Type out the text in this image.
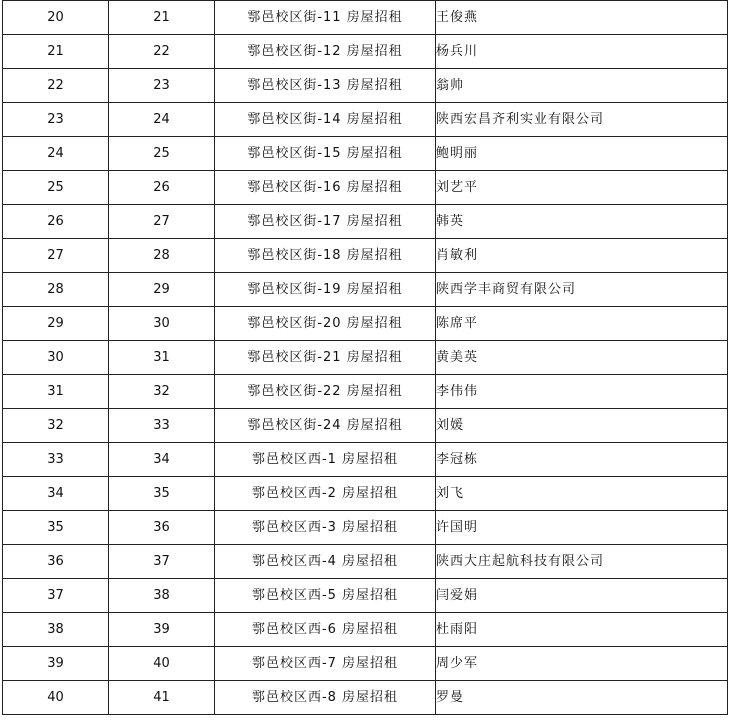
20	21	鄠邑校区街-11 房屋招租	王俊燕
21	22	鄠邑校区街-12 房屋招租	杨兵川
22	23	鄠邑校区街-13 房屋招租	翁帅
23	24	鄠邑校区街-14 房屋招租	陕西宏昌齐利实业有限公司
24	25	鄠邑校区街-15 房屋招租	鲍明丽
25	26	鄠邑校区街-16 房屋招租	刘艺平
26	27	鄠邑校区街-17 房屋招租	韩英
27	28	鄠邑校区街-18 房屋招租	肖敏利
28	29	鄠邑校区街-19 房屋招租	陕西学丰商贸有限公司
29	30	鄠邑校区街-20 房屋招租	陈席平
30	31	鄠邑校区街-21 房屋招租	黄美英
31	32	鄠邑校区街-22 房屋招租	李伟伟
32	33	鄠邑校区街-24 房屋招租	刘媛
33	34	鄠邑校区西-1 房屋招租	李冠栋
34	35	鄠邑校区西-2 房屋招租	刘飞
35	36	鄠邑校区西-3 房屋招租	许国明
36	37	鄠邑校区西-4 房屋招租	陕西大庄起航科技有限公司
37	38	鄠邑校区西-5 房屋招租	闫爱娟
38	39	鄠邑校区西-6 房屋招租	杜雨阳
39	40	鄠邑校区西-7 房屋招租	周少军
40	41	鄠邑校区西-8 房屋招租	罗曼
